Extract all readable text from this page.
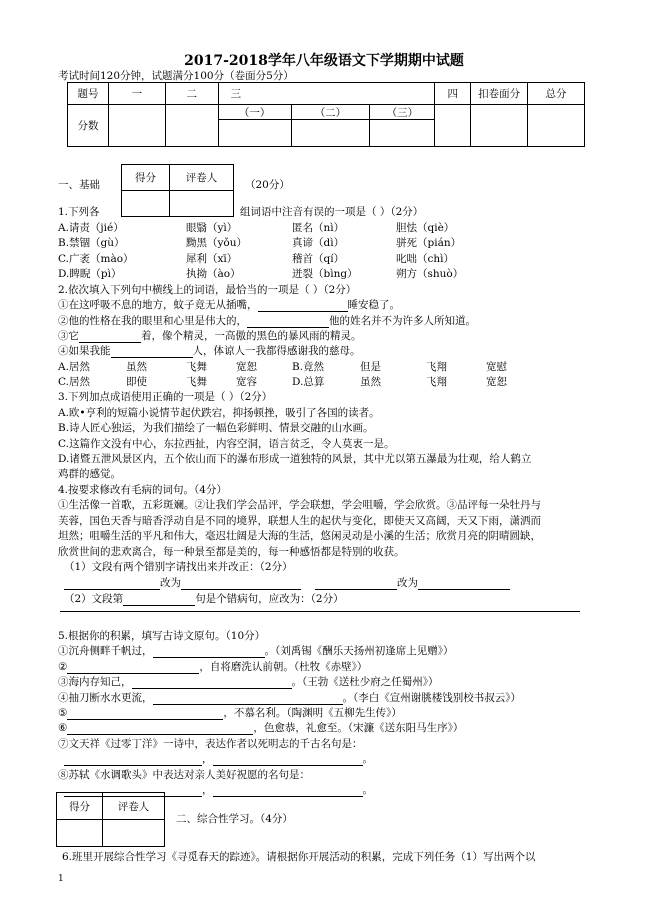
2017-2018学年八年级语文下学期期中试题
考试时间120分钟，试题满分100分（卷面分5分）
题号	一	二	三			四	扣卷面分	总分
分数			（一）	（二）	（三）			

一、基础
得分	评卷人

（20分）
1.下列各	组词语中注音有误的一项是（ ）（2分）
A.请责（jié）	眼翳（yì）	匿名（nì）	胆怯（qiè）
B.禁锢（gù）	黝黑（yǒu）	真谛（dì）	骈死（pián）
C.广袤（mào）	犀利（xī）	稽首（qí）	叱咄（chì）
D.睥睨（pì）	执拗（ào）	迸裂（bìng）	朔方（shuò）
2.依次填入下列句中横线上的词语，最恰当的一项是（ ）（2分）
①在这呼吸不息的地方，蚊子竟无从插嘴，	睡安稳了。
②他的性格在我的眼里和心里是伟大的，	他的姓名并不为许多人所知道。
③它	着，像个精灵，一高傲的黑色的暴风雨的精灵。
④如果我能	人，体谅人一我都得感谢我的慈母。
A.居然	虽然	飞舞	宽恕	B.竟然	但是	飞翔	宽慰
C.居然	即使	飞舞	宽容	D.总算	虽然	飞翔	宽恕
3.下列加点成语使用正确的一项是（ ）（2分）
A.欧•亨利的短篇小说情节起伏跌宕，抑扬顿挫，吸引了各国的读者。
B.诗人匠心独运，为我们描绘了一幅色彩鲜明、情景交融的山水画。
C.这篇作文没有中心，东拉西扯，内容空洞，语言贫乏，令人莫衷一是。
D.诸暨五泄风景区内，五个依山而下的瀑布形成一道独特的风景，其中尤以第五瀑最为壮观，给人鹤立
鸡群的感觉。
4.按要求修改有毛病的词句。（4分）
①生活像一首歌，五彩斑斓。②让我们学会品评，学会联想，学会咀嚼，学会欣赏。③品评每一朵牡丹与
芙蓉，国色天香与暗香浮动自是不同的境界，联想人生的起伏与变化，即使天又高阔，天又下雨，潇洒而
坦然；咀嚼生活的平凡和伟大，毫迟壮阔是大海的生活，悠闲灵动是小溪的生活；欣赏月亮的阴晴圆缺，
欣赏世间的悲欢离合，每一种景至都是美的，每一种感悟都是特别的收获。
（1）文段有两个错别字请找出来并改正：（2分）
改为	改为
（2）文段第	句是个错病句，应改为：（2分）
5.根据你的积累，填写古诗文原句。（10分）
①沉舟侧畔千帆过，	。（刘禹锡《酬乐天扬州初逢席上见赠》）
②	，自将磨洗认前朝。（杜牧《赤壁》）
③海内存知己，	。（王勃《送杜少府之任蜀州》）
④抽刀断水水更流，	。（李白《宣州谢朓楼饯别校书叔云》）
⑤	，不慕名利。（陶渊明《五柳先生传》）
⑥	，色愈恭，礼愈至。（宋濂《送东阳马生序》）
⑦文天祥《过零丁洋》一诗中，表达作者以死明志的千古名句是：
，	。
⑧苏轼《水调歌头》中表达对亲人美好祝愿的名句是：
，	。
得分	评卷人

二、综合性学习。（4分）
6.班里开展综合性学习《寻觅春天的踪迹》。请根据你开展活动的积累，完成下列任务（1）写出两个以
1
